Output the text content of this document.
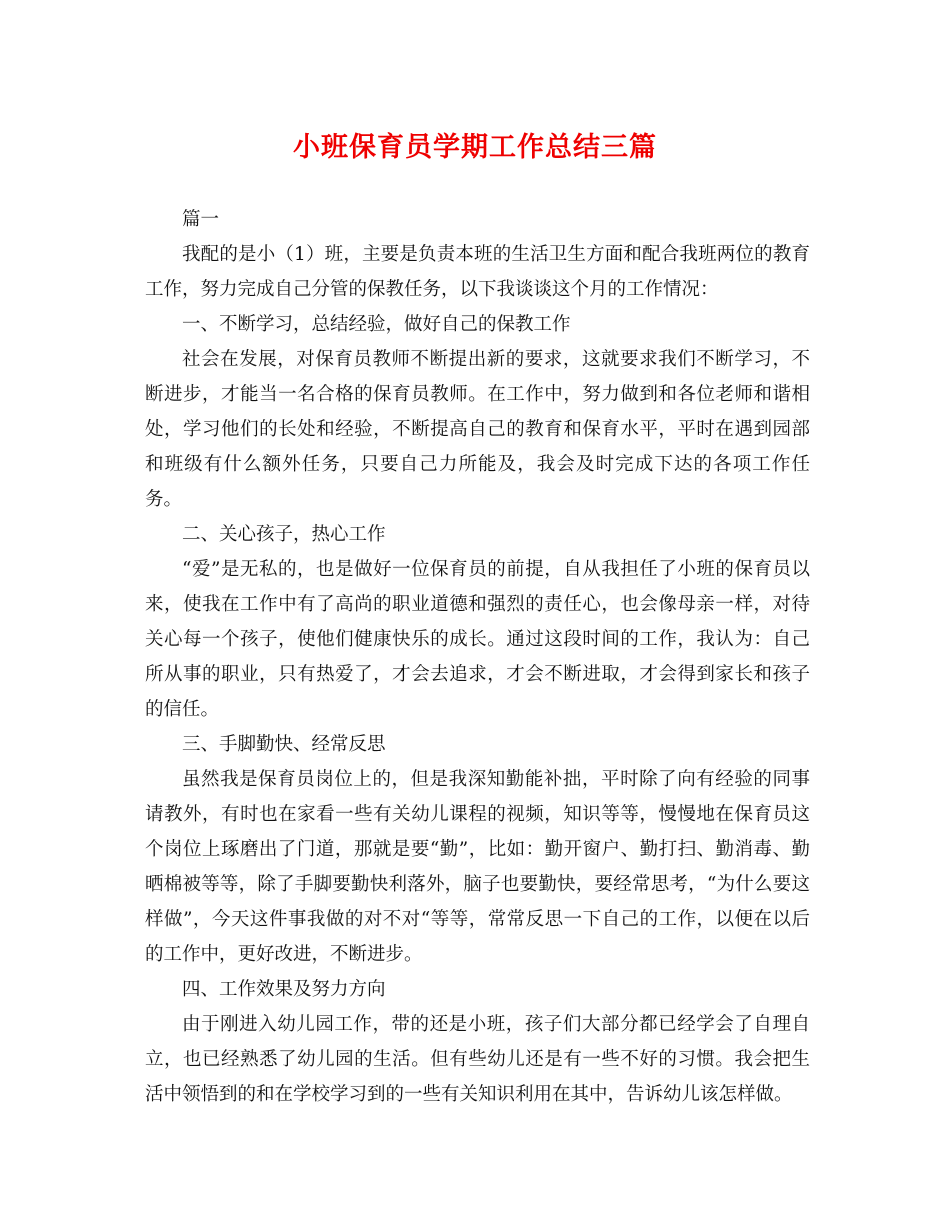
小班保育员学期工作总结三篇

篇一

我配的是小（1）班，主要是负责本班的生活卫生方面和配合我班两位的教育工作，努力完成自己分管的保教任务，以下我谈谈这个月的工作情况：

一、不断学习，总结经验，做好自己的保教工作

社会在发展，对保育员教师不断提出新的要求，这就要求我们不断学习，不断进步，才能当一名合格的保育员教师。在工作中，努力做到和各位老师和谐相处，学习他们的长处和经验，不断提高自己的教育和保育水平，平时在遇到园部和班级有什么额外任务，只要自己力所能及，我会及时完成下达的各项工作任务。

二、关心孩子，热心工作

“爱”是无私的，也是做好一位保育员的前提，自从我担任了小班的保育员以来，使我在工作中有了高尚的职业道德和强烈的责任心，也会像母亲一样，对待关心每一个孩子，使他们健康快乐的成长。通过这段时间的工作，我认为：自己所从事的职业，只有热爱了，才会去追求，才会不断进取，才会得到家长和孩子的信任。

三、手脚勤快、经常反思

虽然我是保育员岗位上的，但是我深知勤能补拙，平时除了向有经验的同事请教外，有时也在家看一些有关幼儿课程的视频，知识等等，慢慢地在保育员这个岗位上琢磨出了门道，那就是要“勤”，比如：勤开窗户、勤打扫、勤消毒、勤晒棉被等等，除了手脚要勤快利落外，脑子也要勤快，要经常思考，“为什么要这样做”，今天这件事我做的对不对“等等，常常反思一下自己的工作，以便在以后的工作中，更好改进，不断进步。

四、工作效果及努力方向

由于刚进入幼儿园工作，带的还是小班，孩子们大部分都已经学会了自理自立，也已经熟悉了幼儿园的生活。但有些幼儿还是有一些不好的习惯。我会把生活中领悟到的和在学校学习到的一些有关知识利用在其中，告诉幼儿该怎样做。
